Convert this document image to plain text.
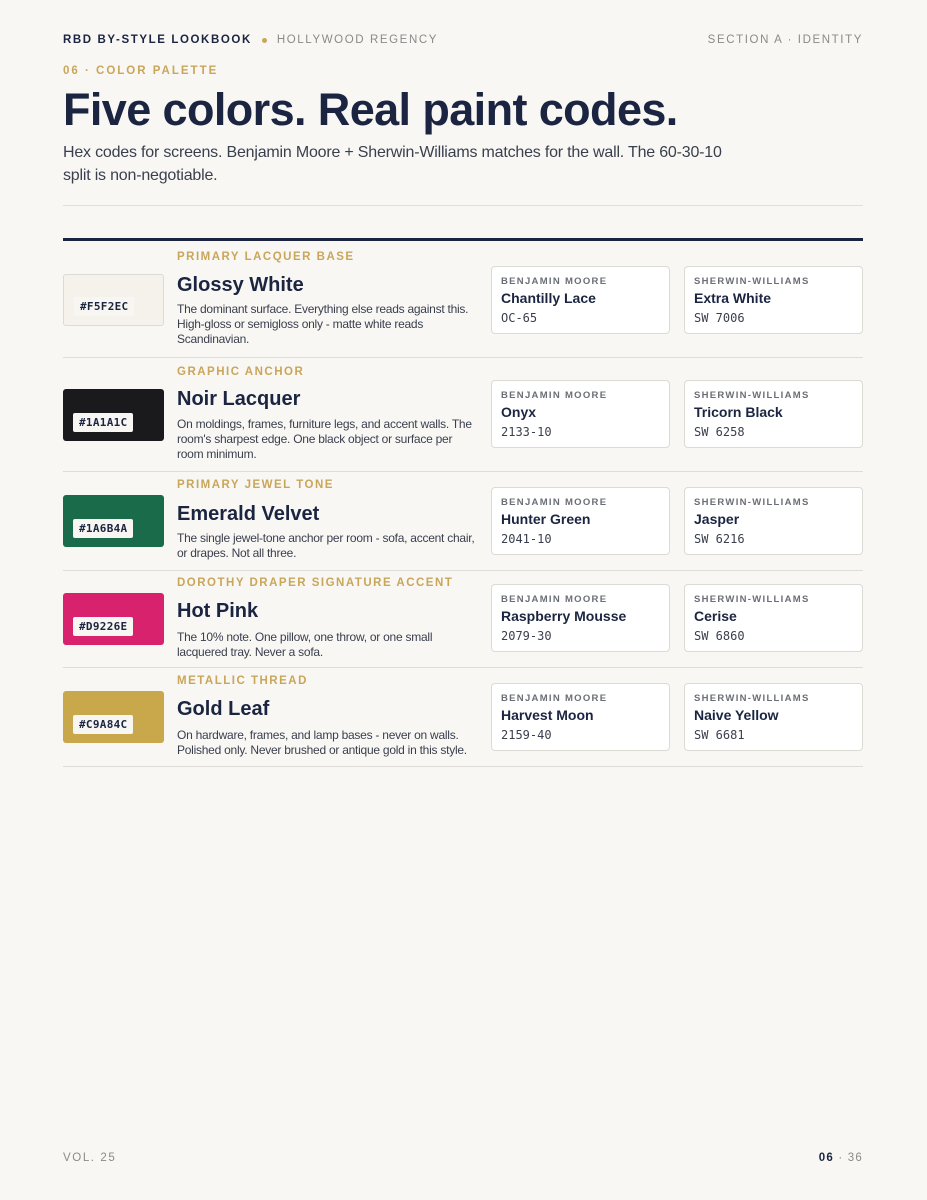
RBD BY-STYLE LOOKBOOK HOLLYWOOD REGENCY	SECTION A · IDENTITY
06 · COLOR PALETTE
Five colors. Real paint codes.

Hex codes for screens. Benjamin Moore + Sherwin-Williams matches for the wall. The 60-30-10 split is non-negotiable.

PRIMARY LACQUER BASE
#F5F2EC
Glossy White
The dominant surface. Everything else reads against this. High-gloss or semigloss only - matte white reads Scandinavian.
BENJAMIN MOORE
Chantilly Lace
OC-65
SHERWIN-WILLIAMS
Extra White
SW 7006
GRAPHIC ANCHOR
#1A1A1C
Noir Lacquer
On moldings, frames, furniture legs, and accent walls. The room's sharpest edge. One black object or surface per room minimum.
BENJAMIN MOORE
Onyx
2133-10
SHERWIN-WILLIAMS
Tricorn Black
SW 6258
PRIMARY JEWEL TONE
#1A6B4A
Emerald Velvet
The single jewel-tone anchor per room - sofa, accent chair, or drapes. Not all three.
BENJAMIN MOORE
Hunter Green
2041-10
SHERWIN-WILLIAMS
Jasper
SW 6216
DOROTHY DRAPER SIGNATURE ACCENT
#D9226E
Hot Pink
The 10% note. One pillow, one throw, or one small lacquered tray. Never a sofa.
BENJAMIN MOORE
Raspberry Mousse
2079-30
SHERWIN-WILLIAMS
Cerise
SW 6860
METALLIC THREAD
#C9A84C
Gold Leaf
On hardware, frames, and lamp bases - never on walls. Polished only. Never brushed or antique gold in this style.
BENJAMIN MOORE
Harvest Moon
2159-40
SHERWIN-WILLIAMS
Naive Yellow
SW 6681
VOL. 25	06 · 36
